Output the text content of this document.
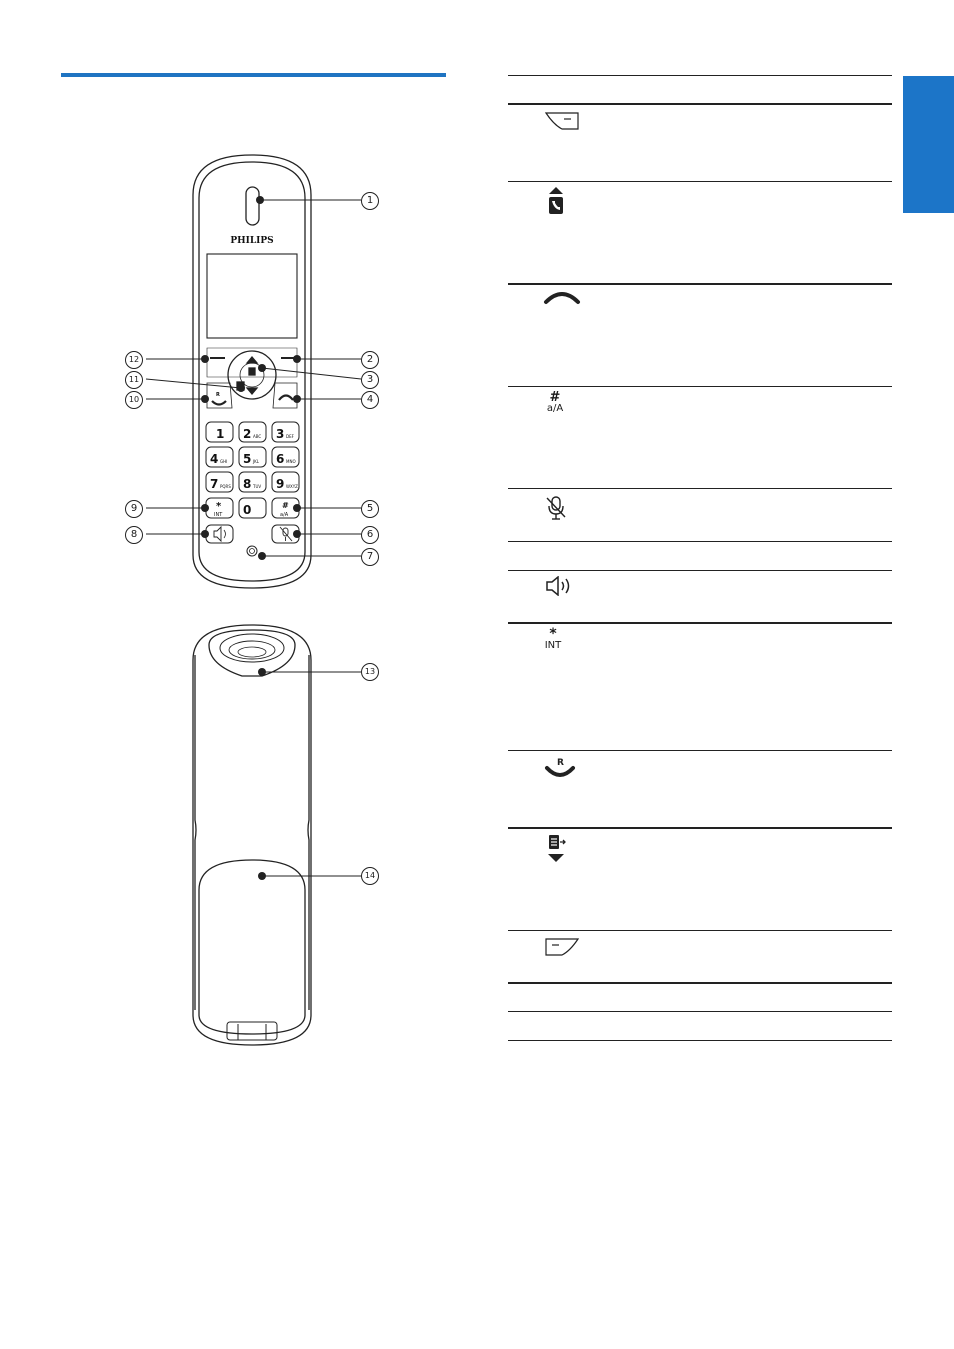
PHILIPS
1 2 ABC 3 DEF
4 GHI 5 JKL 6 MNO
7 PQRS 8 TUV 9 WXYZ
*
INT 0	#
a/A
R
1
2
3
4
5
6
7
8
9
10
11
12
13
14
#
a/A
*
INT
R
